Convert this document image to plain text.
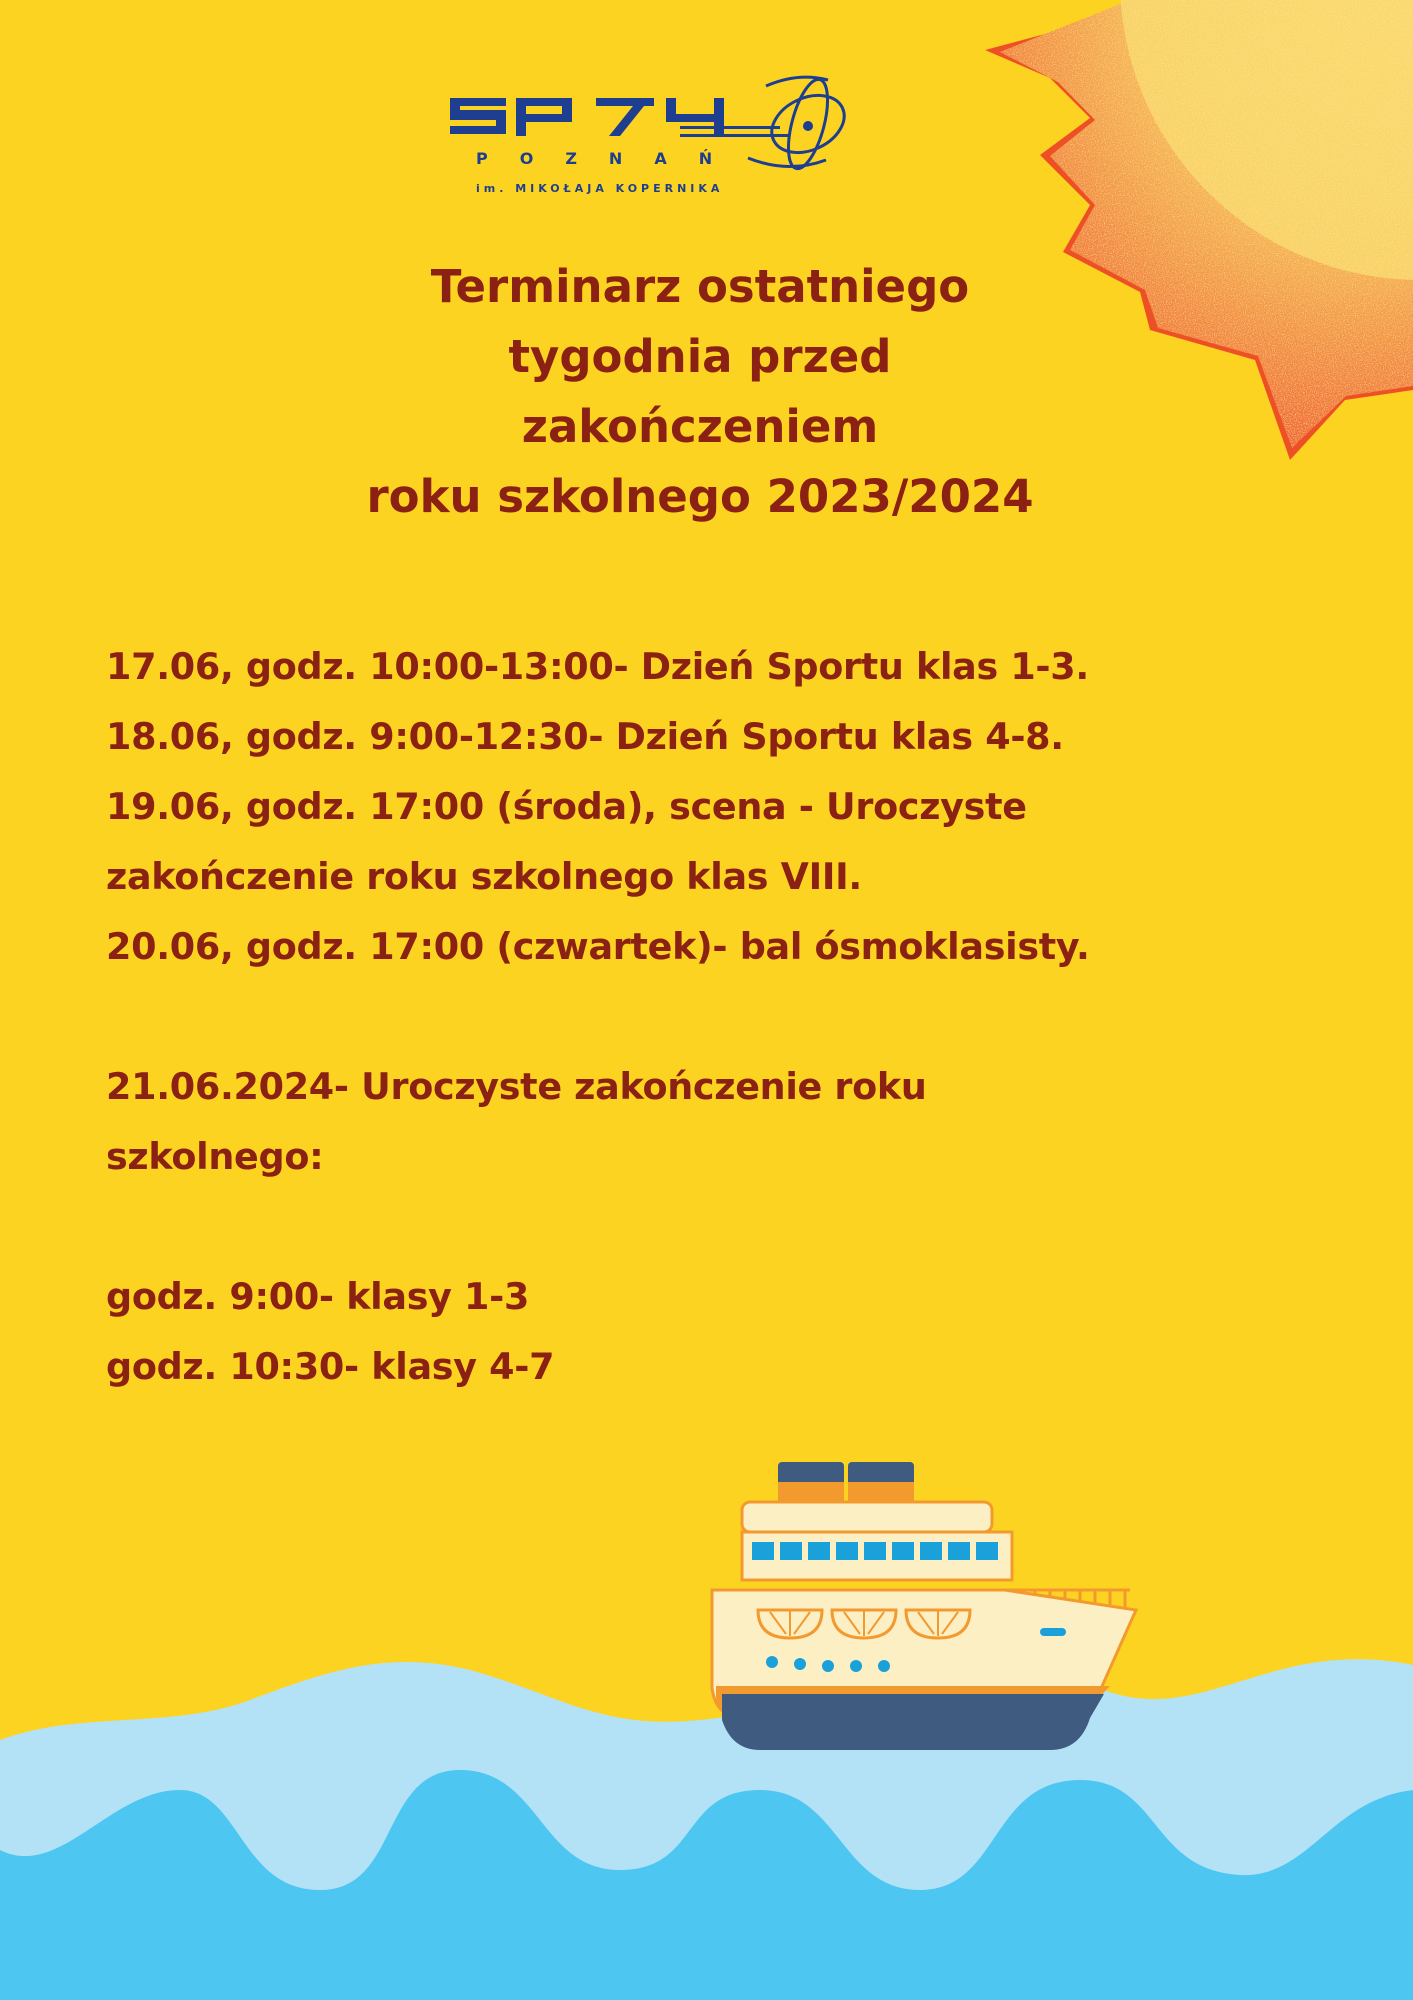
SP 74
POZNAŃ
im. MIKOŁAJA KOPERNIKA
Terminarz ostatniego
tygodnia przed
zakończeniem
roku szkolnego 2023/2024
17.06, godz. 10:00-13:00- Dzień Sportu klas 1-3.
18.06, godz. 9:00-12:30- Dzień Sportu klas 4-8.
19.06, godz. 17:00 (środa), scena - Uroczyste
zakończenie roku szkolnego klas VIII.
20.06, godz. 17:00 (czwartek)- bal ósmoklasisty.
21.06.2024- Uroczyste zakończenie roku
szkolnego:
godz. 9:00- klasy 1-3
godz. 10:30- klasy 4-7
